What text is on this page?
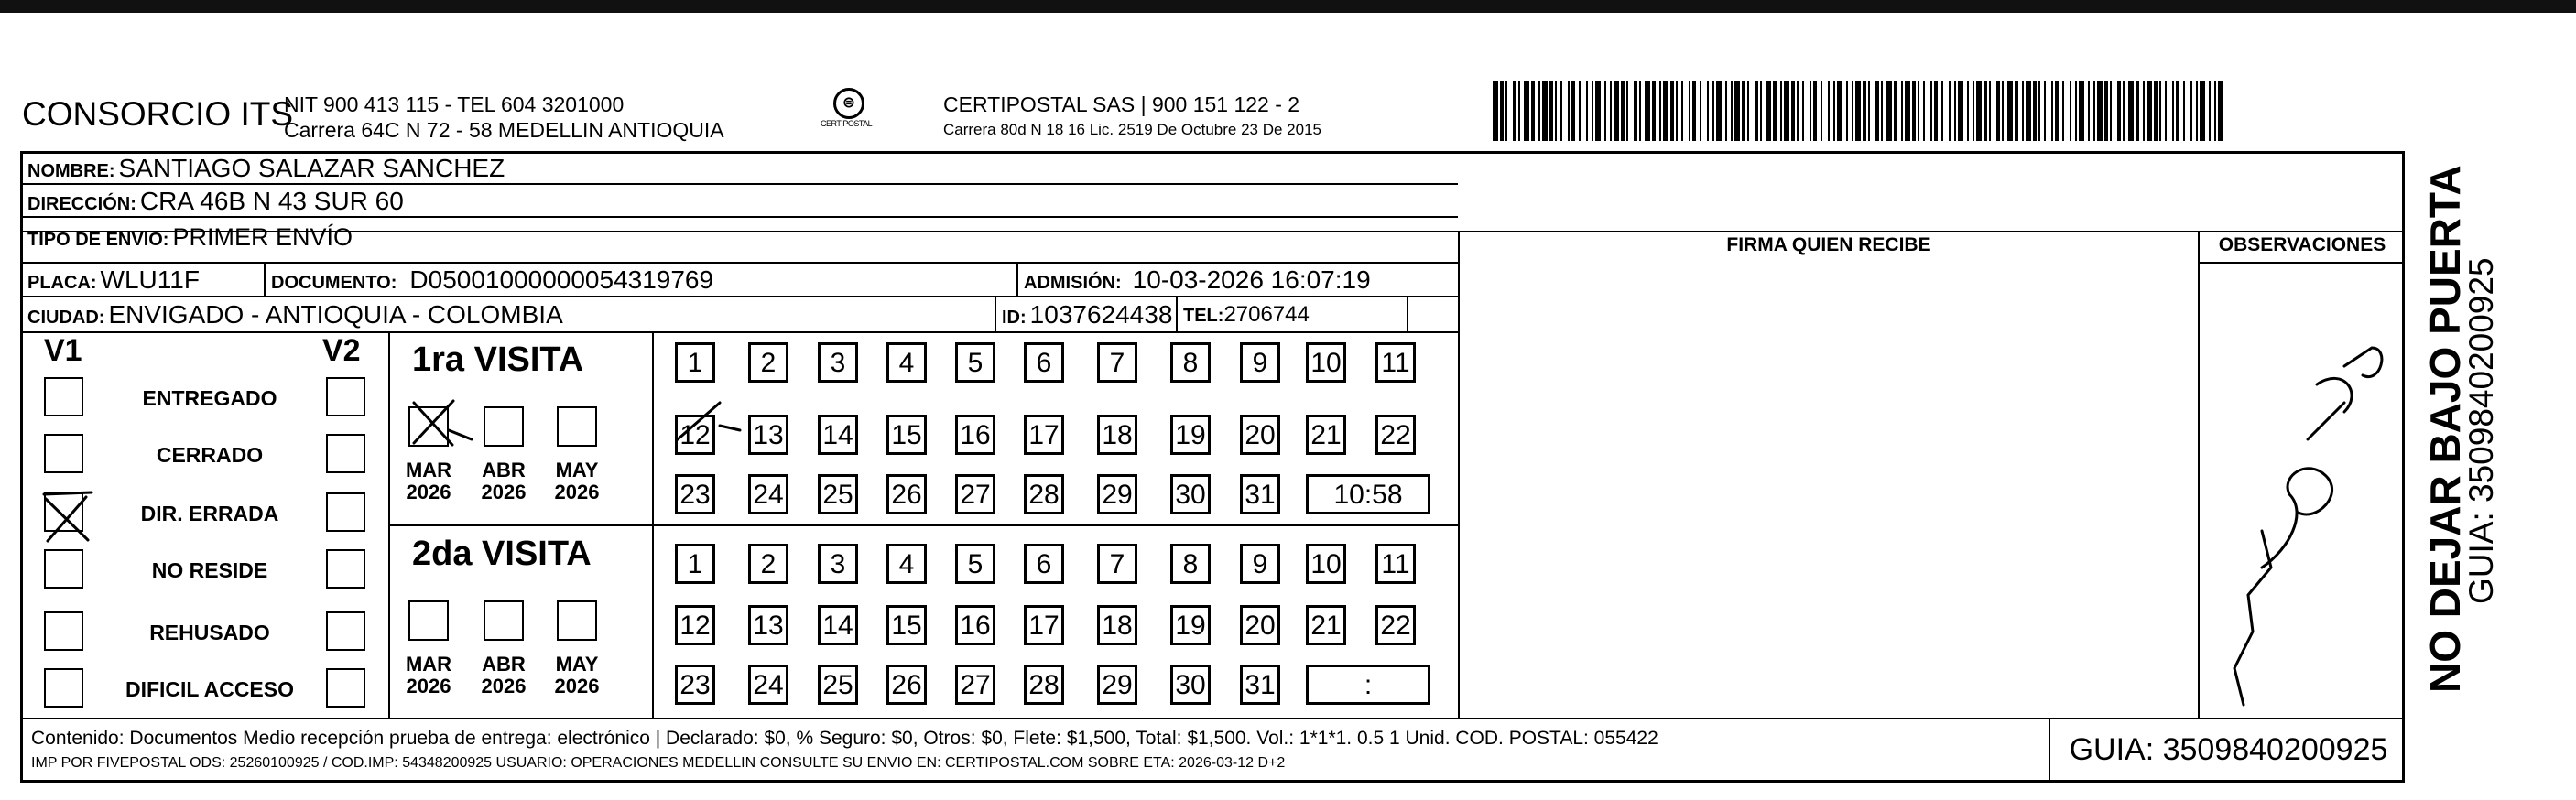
CONSORCIO ITS
NIT 900 413 115 - TEL 604 3201000
Carrera 64C N 72 - 58 MEDELLIN ANTIOQUIA
⊜
CERTIPOSTAL
CERTIPOSTAL SAS | 900 151 122 - 2
Carrera 80d N 18 16 Lic. 2519 De Octubre 23 De 2015
NOMBRE: SANTIAGO SALAZAR SANCHEZ
DIRECCIÓN: CRA 46B N 43 SUR 60
TIPO DE ENVIO: PRIMER ENVÍO	FIRMA QUIEN RECIBE	OBSERVACIONES
PLACA: WLU11F	DOCUMENTO: D05001000000054319769	ADMISIÓN: 10-03-2026 16:07:19
CIUDAD: ENVIGADO - ANTIOQUIA - COLOMBIA	ID: 1037624438 TEL:2706744
V1	V2
ENTREGADO
CERRADO
DIR. ERRADA
NO RESIDE
REHUSADO
DIFICIL ACCESO
1ra VISITA
2da VISITA
MAR
2026
ABR
2026
MAY
2026
MAR
2026
ABR
2026
MAY
2026
1	2	3	4	5	6	7	8	9	10 11
12 13 14 15 16 17 18 19 20 21 22
23 24 25 26 27 28 29 30 31	10:58
1	2	3	4	5	6	7	8	9	10 11
12 13 14 15 16 17 18 19 20 21 22
23 24 25 26 27 28 29 30 31	:
Contenido: Documentos Medio recepción prueba de entrega: electrónico | Declarado: $0, % Seguro: $0, Otros: $0, Flete: $1,500, Total: $1,500. Vol.: 1*1*1. 0.5 1 Unid. COD. POSTAL: 055422
IMP POR FIVEPOSTAL ODS: 25260100925 / COD.IMP: 54348200925 USUARIO: OPERACIONES MEDELLIN CONSULTE SU ENVIO EN: CERTIPOSTAL.COM SOBRE ETA: 2026-03-12 D+2	GUIA: 3509840200925
NO DEJAR BAJO PUERTA
GUIA: 3509840200925
